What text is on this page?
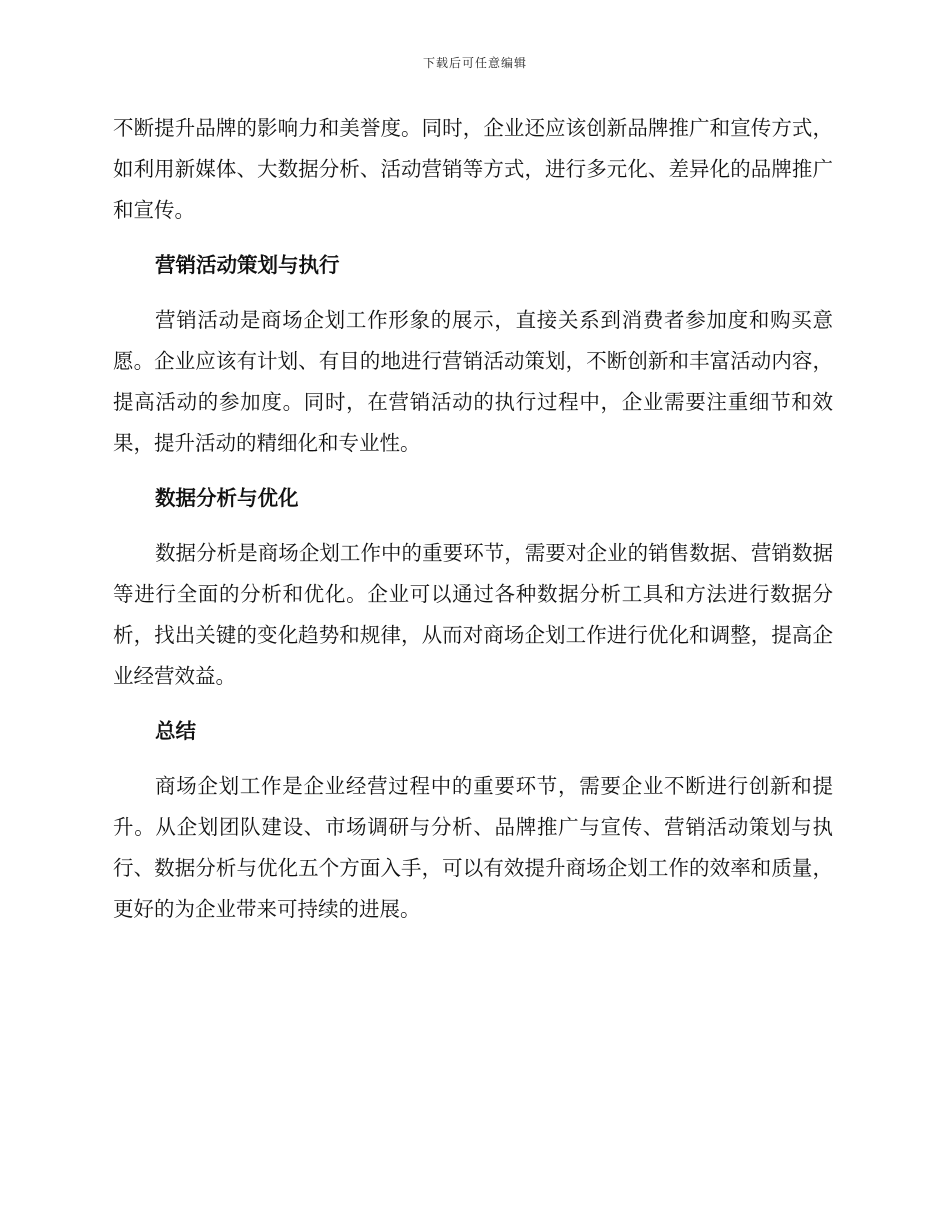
下载后可任意编辑

不断提升品牌的影响力和美誉度。同时，企业还应该创新品牌推广和宣传方式，如利用新媒体、大数据分析、活动营销等方式，进行多元化、差异化的品牌推广和宣传。

营销活动策划与执行

营销活动是商场企划工作形象的展示，直接关系到消费者参加度和购买意愿。企业应该有计划、有目的地进行营销活动策划，不断创新和丰富活动内容，提高活动的参加度。同时，在营销活动的执行过程中，企业需要注重细节和效果，提升活动的精细化和专业性。

数据分析与优化

数据分析是商场企划工作中的重要环节，需要对企业的销售数据、营销数据等进行全面的分析和优化。企业可以通过各种数据分析工具和方法进行数据分析，找出关键的变化趋势和规律，从而对商场企划工作进行优化和调整，提高企业经营效益。

总结

商场企划工作是企业经营过程中的重要环节，需要企业不断进行创新和提升。从企划团队建设、市场调研与分析、品牌推广与宣传、营销活动策划与执行、数据分析与优化五个方面入手，可以有效提升商场企划工作的效率和质量，更好的为企业带来可持续的进展。
